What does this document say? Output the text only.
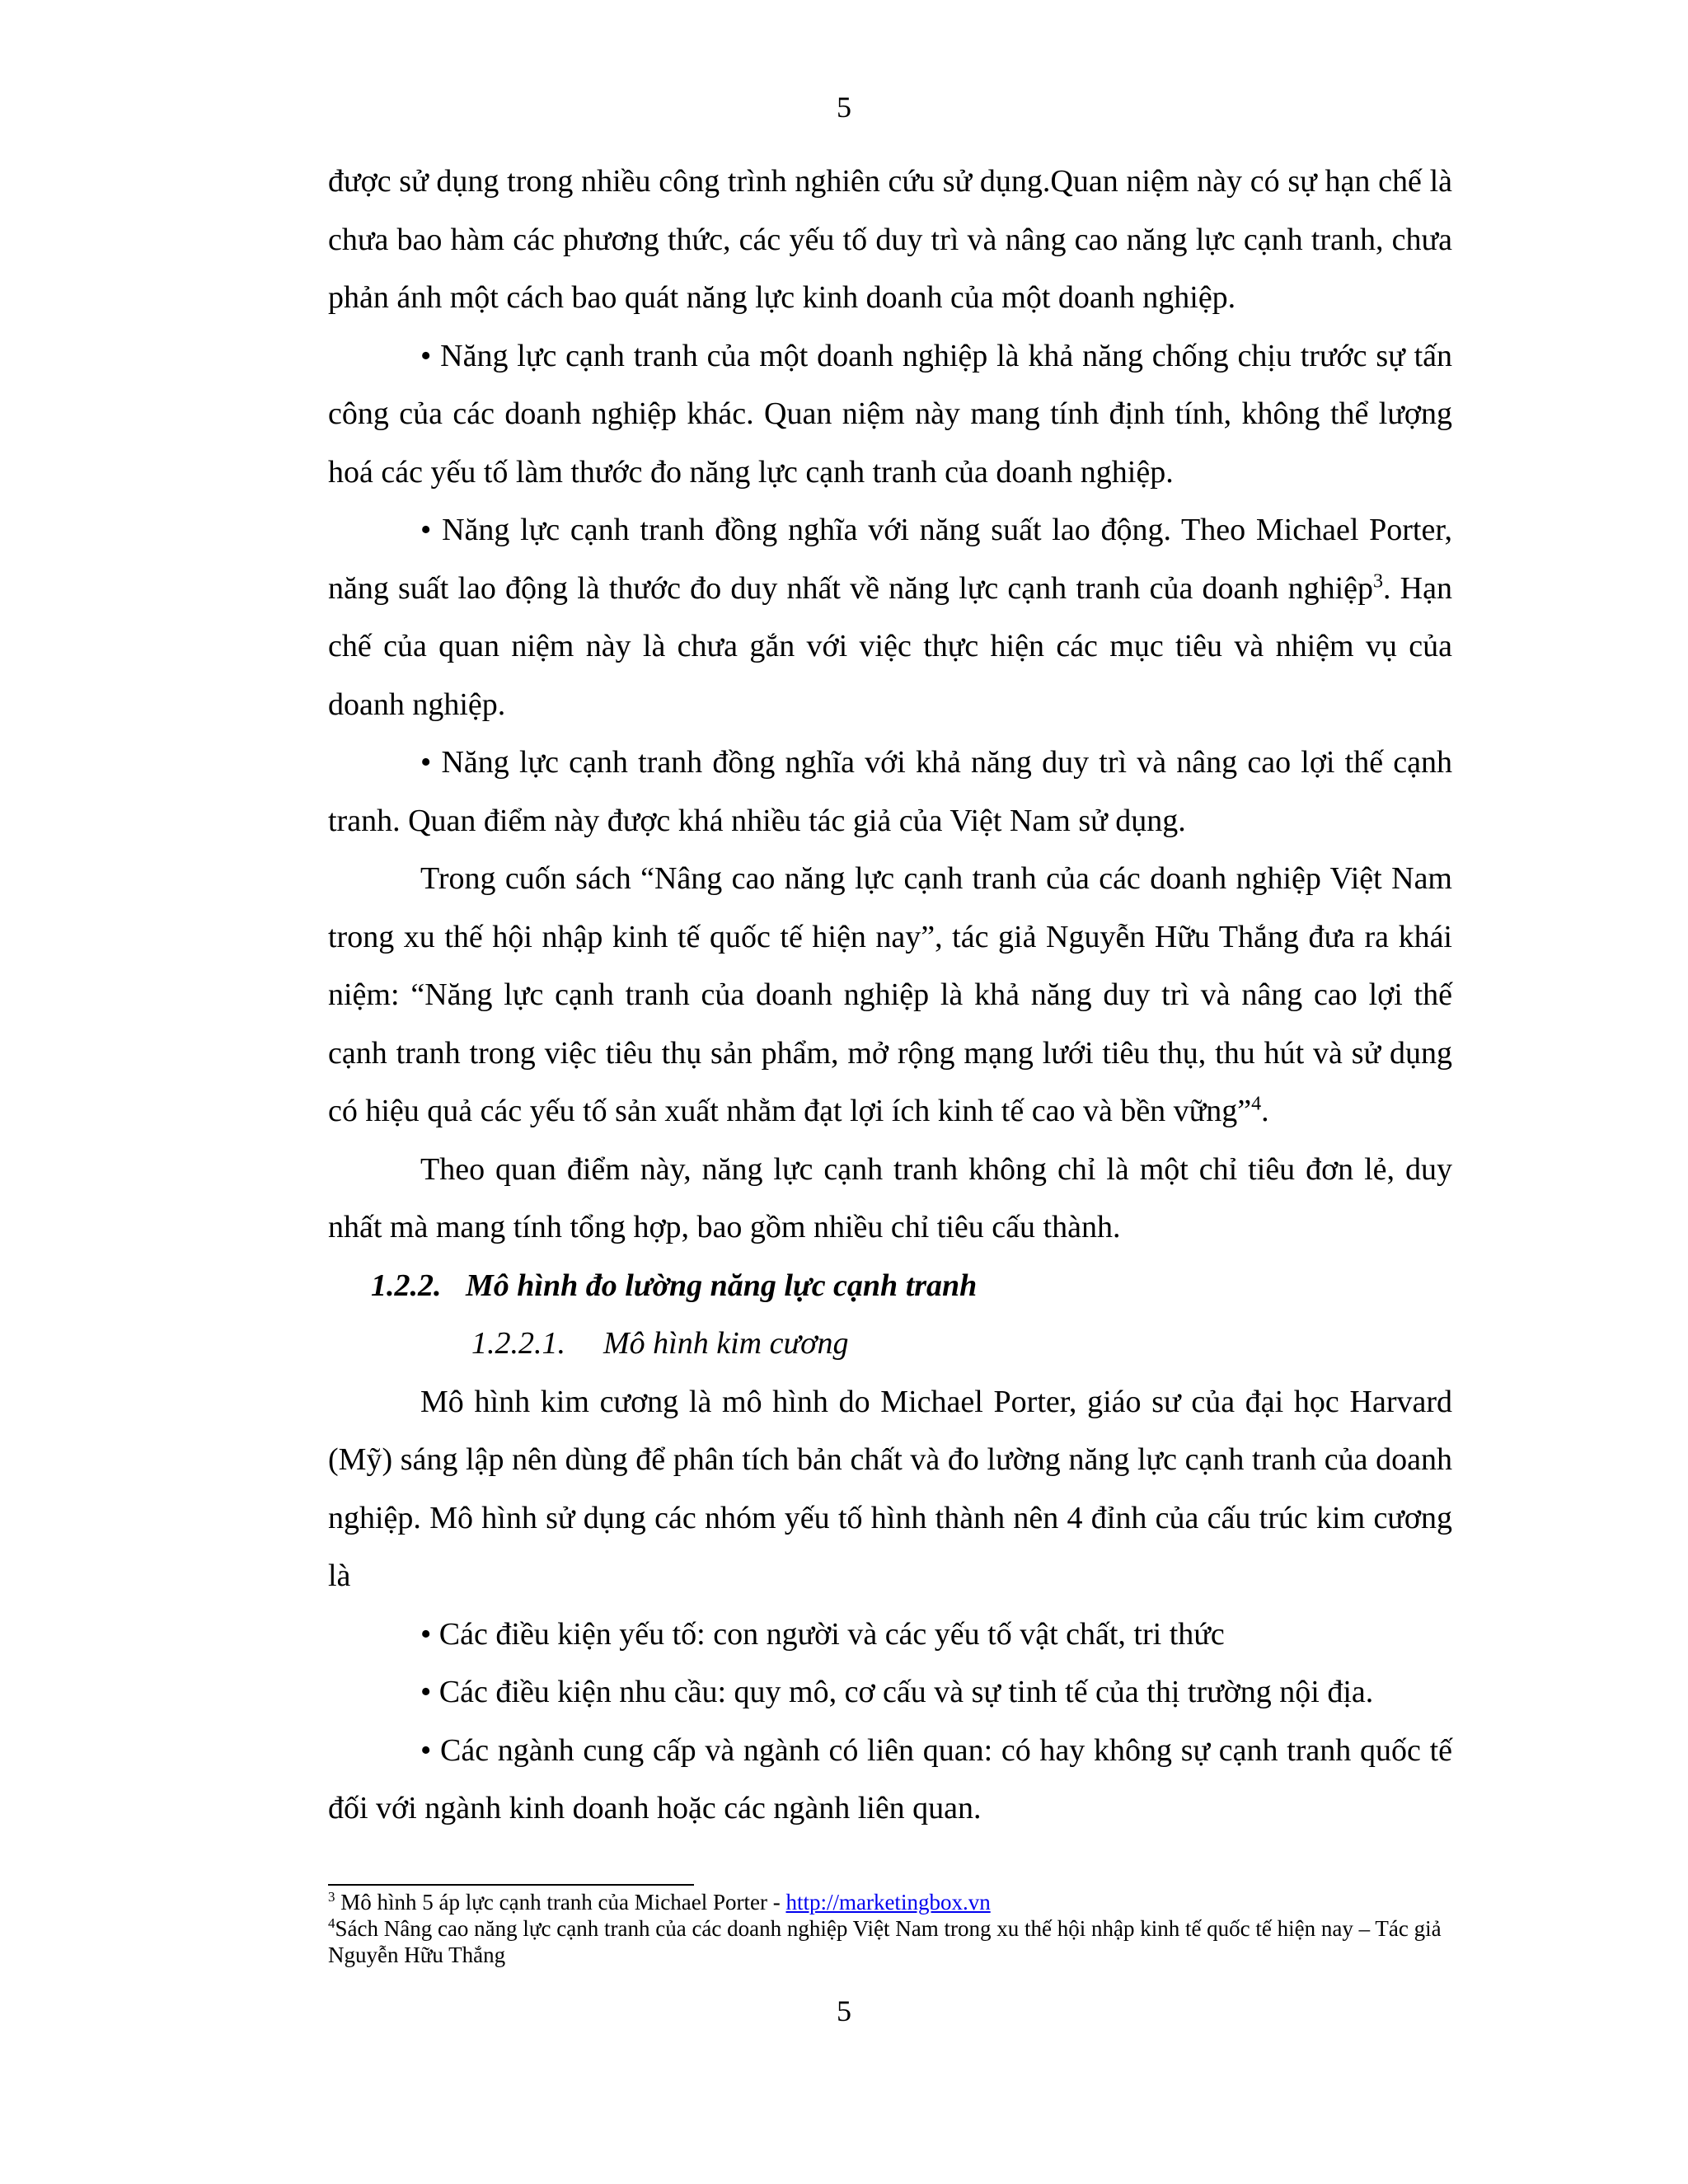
5

được sử dụng trong nhiều công trình nghiên cứu sử dụng.Quan niệm này có sự hạn chế là chưa bao hàm các phương thức, các yếu tố duy trì và nâng cao năng lực cạnh tranh, chưa phản ánh một cách bao quát năng lực kinh doanh của một doanh nghiệp.

• Năng lực cạnh tranh của một doanh nghiệp là khả năng chống chịu trước sự tấn công của các doanh nghiệp khác. Quan niệm này mang tính định tính, không thể lượng hoá các yếu tố làm thước đo năng lực cạnh tranh của doanh nghiệp.

• Năng lực cạnh tranh đồng nghĩa với năng suất lao động. Theo Michael Porter, năng suất lao động là thước đo duy nhất về năng lực cạnh tranh của doanh nghiệp$^3$. Hạn chế của quan niệm này là chưa gắn với việc thực hiện các mục tiêu và nhiệm vụ của doanh nghiệp.

• Năng lực cạnh tranh đồng nghĩa với khả năng duy trì và nâng cao lợi thế cạnh tranh. Quan điểm này được khá nhiều tác giả của Việt Nam sử dụng.

Trong cuốn sách “Nâng cao năng lực cạnh tranh của các doanh nghiệp Việt Nam trong xu thế hội nhập kinh tế quốc tế hiện nay”, tác giả Nguyễn Hữu Thắng đưa ra khái niệm: “Năng lực cạnh tranh của doanh nghiệp là khả năng duy trì và nâng cao lợi thế cạnh tranh trong việc tiêu thụ sản phẩm, mở rộng mạng lưới tiêu thụ, thu hút và sử dụng có hiệu quả các yếu tố sản xuất nhằm đạt lợi ích kinh tế cao và bền vững”$^4$.

Theo quan điểm này, năng lực cạnh tranh không chỉ là một chỉ tiêu đơn lẻ, duy nhất mà mang tính tổng hợp, bao gồm nhiều chỉ tiêu cấu thành.

1.2.2. Mô hình đo lường năng lực cạnh tranh

1.2.2.1. Mô hình kim cương

Mô hình kim cương là mô hình do Michael Porter, giáo sư của đại học Harvard (Mỹ) sáng lập nên dùng để phân tích bản chất và đo lường năng lực cạnh tranh của doanh nghiệp. Mô hình sử dụng các nhóm yếu tố hình thành nên 4 đỉnh của cấu trúc kim cương là

• Các điều kiện yếu tố: con người và các yếu tố vật chất, tri thức

• Các điều kiện nhu cầu: quy mô, cơ cấu và sự tinh tế của thị trường nội địa.

• Các ngành cung cấp và ngành có liên quan: có hay không sự cạnh tranh quốc tế đối với ngành kinh doanh hoặc các ngành liên quan.

$^3$ Mô hình 5 áp lực cạnh tranh của Michael Porter - http://marketingbox.vn

$^4$Sách Nâng cao năng lực cạnh tranh của các doanh nghiệp Việt Nam trong xu thế hội nhập kinh tế quốc tế hiện nay – Tác giả Nguyễn Hữu Thắng

5
